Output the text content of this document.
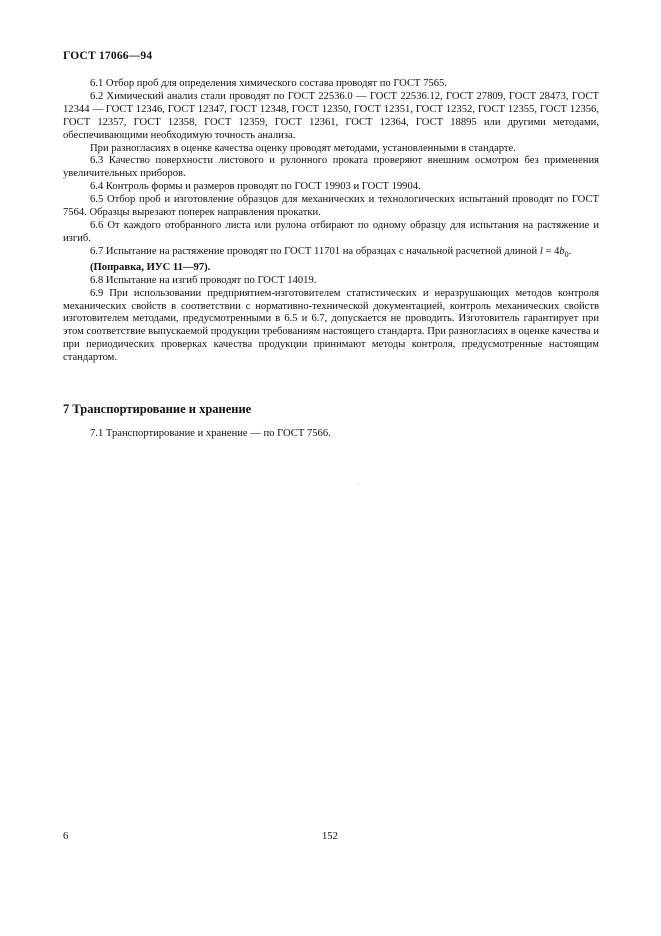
ГОСТ 17066—94

6.1 Отбор проб для определения химического состава проводят по ГОСТ 7565.

6.2 Химический анализ стали проводят по ГОСТ 22536.0 — ГОСТ 22536.12, ГОСТ 27809, ГОСТ 28473, ГОСТ 12344 — ГОСТ 12346, ГОСТ 12347, ГОСТ 12348, ГОСТ 12350, ГОСТ 12351, ГОСТ 12352, ГОСТ 12355, ГОСТ 12356, ГОСТ 12357, ГОСТ 12358, ГОСТ 12359, ГОСТ 12361, ГОСТ 12364, ГОСТ 18895 или другими методами, обеспечивающими необходимую точность анализа.

При разногласиях в оценке качества оценку проводят методами, установленными в стандарте.

6.3 Качество поверхности листового и рулонного проката проверяют внешним осмотром без применения увеличительных приборов.

6.4 Контроль формы и размеров проводят по ГОСТ 19903 и ГОСТ 19904.

6.5 Отбор проб и изготовление образцов для механических и технологических испытаний проводят по ГОСТ 7564. Образцы вырезают поперек направления прокатки.

6.6 От каждого отобранного листа или рулона отбирают по одному образцу для испытания на растяжение и изгиб.

6.7 Испытание на растяжение проводят по ГОСТ 11701 на образцах с начальной расчетной длиной $l = 4b_0$.

(Поправка, ИУС 11—97).

6.8 Испытание на изгиб проводят по ГОСТ 14019.

6.9 При использовании предприятием-изготовителем статистических и неразрушающих методов контроля механических свойств в соответствии с нормативно-технической документацией, контроль механических свойств изготовителем методами, предусмотренными в 6.5 и 6.7, допускается не проводить. Изготовитель гарантирует при этом соответствие выпускаемой продукции требованиям настоящего стандарта. При разногласиях в оценке качества и при периодических проверках качества продукции принимают методы контроля, предусмотренные настоящим стандартом.

7 Транспортирование и хранение

7.1 Транспортирование и хранение — по ГОСТ 7566.

6	152
